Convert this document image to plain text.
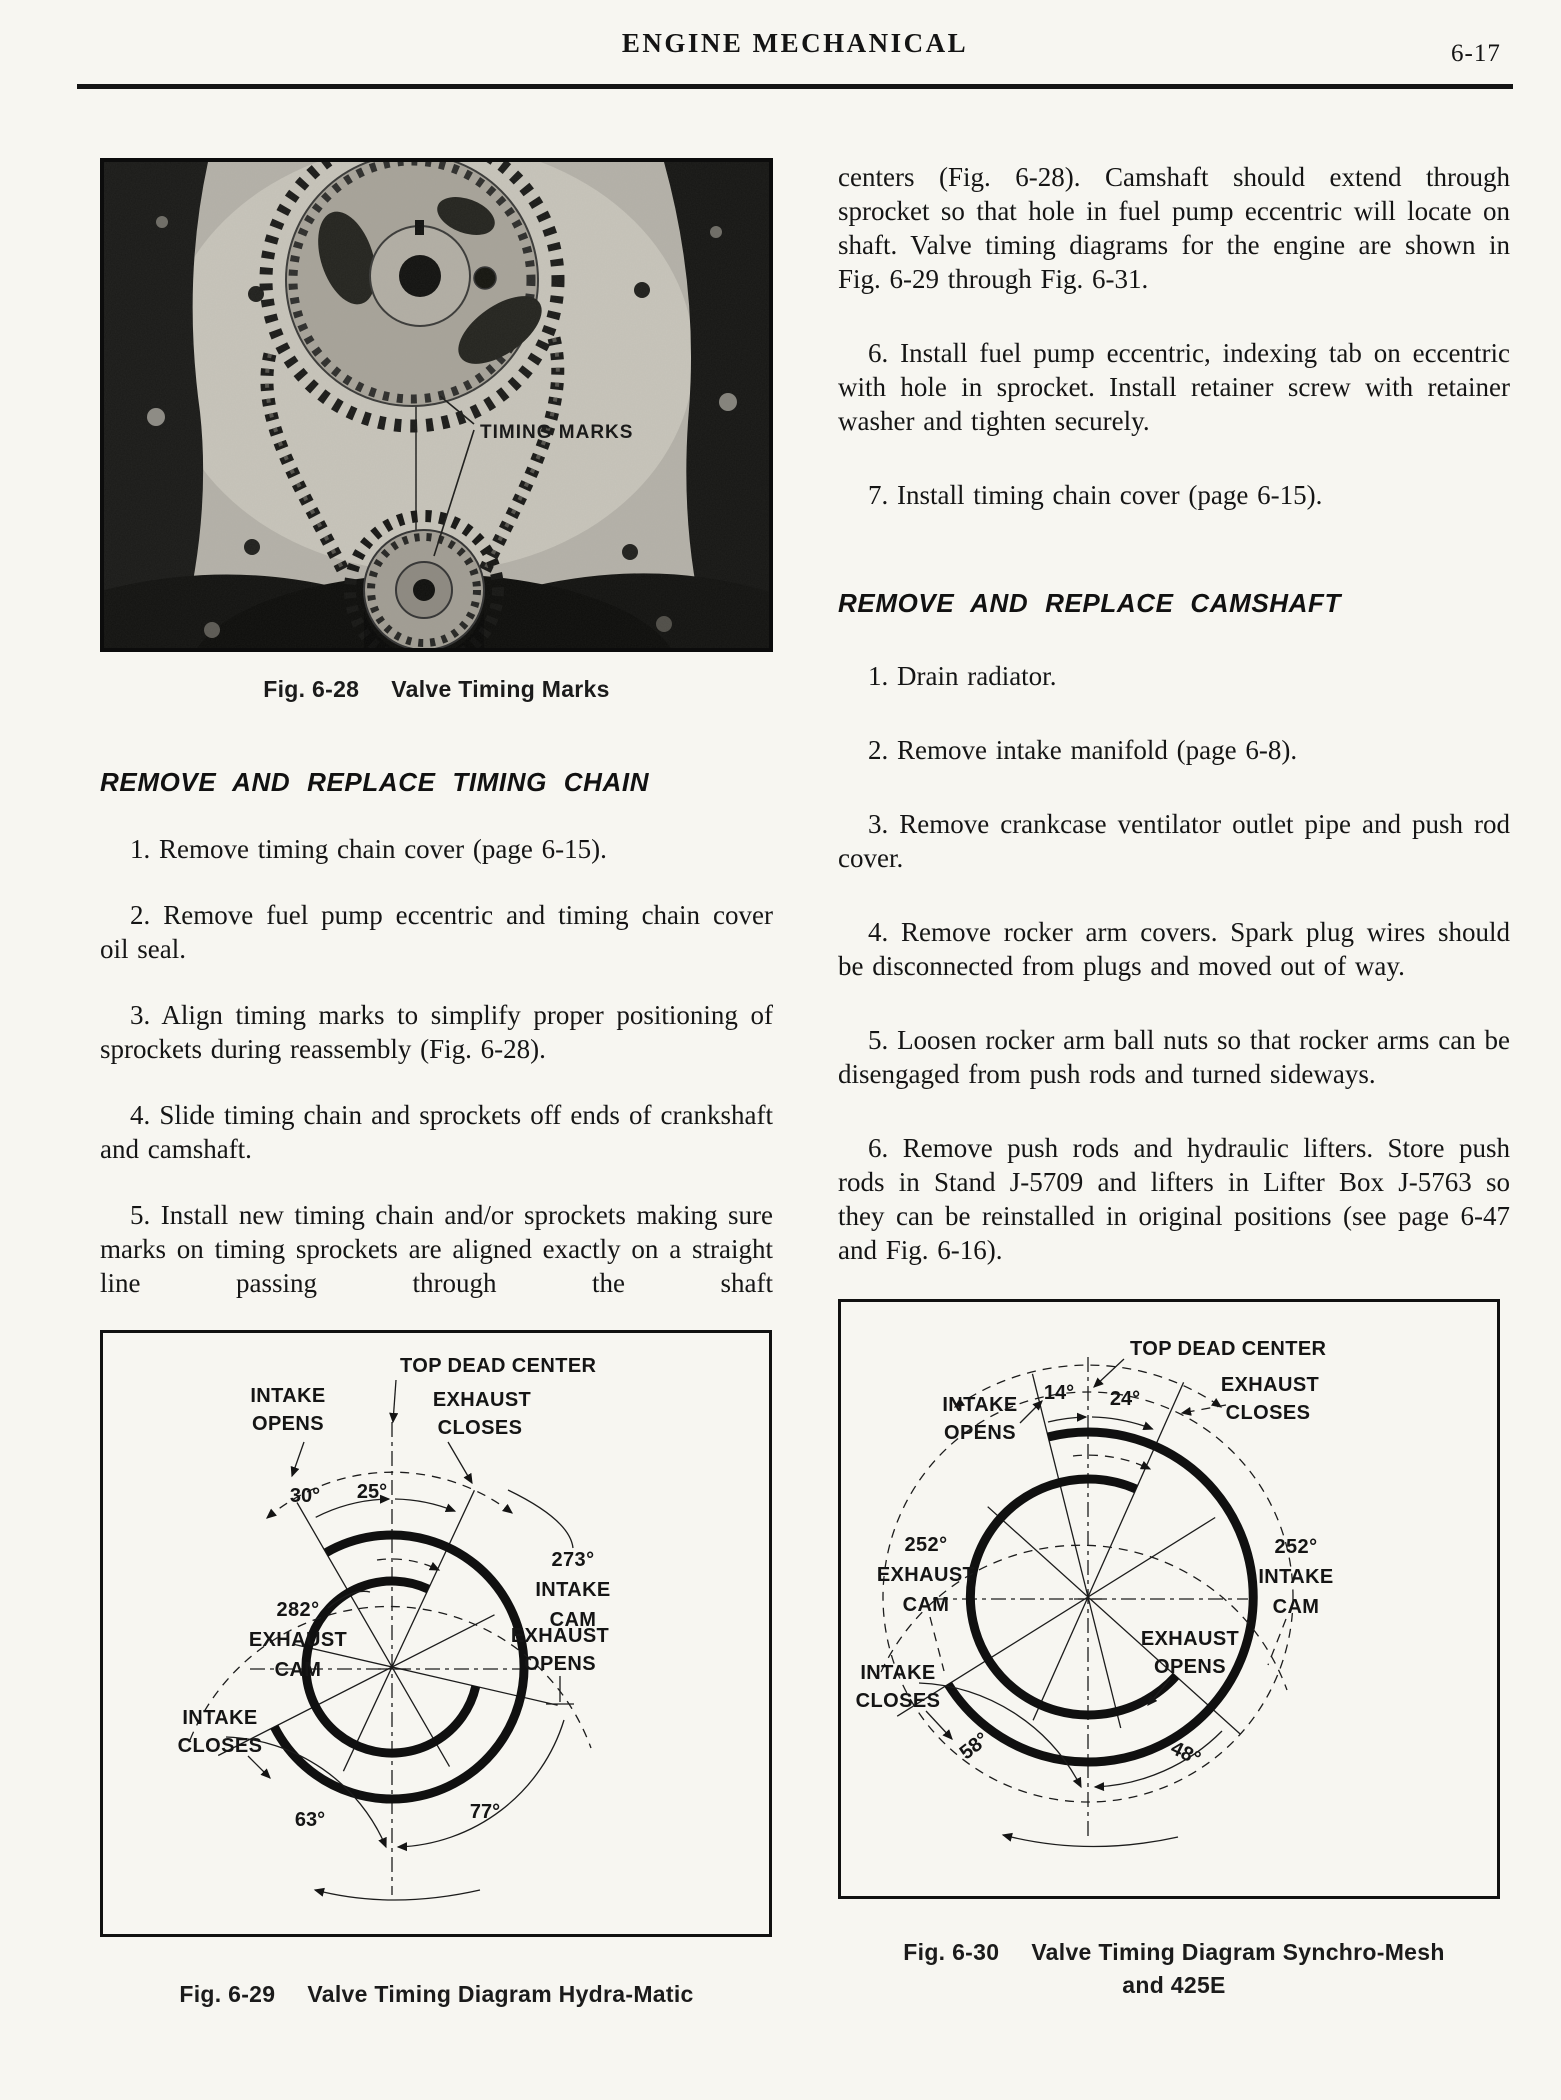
ENGINE MECHANICAL	6-17
TIMING MARKS
Fig. 6-28 Valve Timing Marks
REMOVE AND REPLACE TIMING CHAIN

1. Remove timing chain cover (page 6-15).

2. Remove fuel pump eccentric and timing chain cover oil seal.

3. Align timing marks to simplify proper positioning of sprockets during reassembly (Fig. 6-28).

4. Slide timing chain and sprockets off ends of crankshaft and camshaft.

5. Install new timing chain and/or sprockets making sure marks on timing sprockets are aligned exactly on a straight line passing through the shaft

TOP DEAD CENTER
INTAKE
OPENS
EXHAUST
CLOSES
30° 25°
273°
INTAKE
CAM
282°
EXHAUST
CAM
EXHAUST
OPENS
INTAKE
CLOSES
63°	77°
Fig. 6-29 Valve Timing Diagram Hydra-Matic

centers (Fig. 6-28). Camshaft should extend through sprocket so that hole in fuel pump eccentric will locate on shaft. Valve timing diagrams for the engine are shown in Fig. 6-29 through Fig. 6-31.

6. Install fuel pump eccentric, indexing tab on eccentric with hole in sprocket. Install retainer screw with retainer washer and tighten securely.

7. Install timing chain cover (page 6-15).

REMOVE AND REPLACE CAMSHAFT

1. Drain radiator.

2. Remove intake manifold (page 6-8).

3. Remove crankcase ventilator outlet pipe and push rod cover.

4. Remove rocker arm covers. Spark plug wires should be disconnected from plugs and moved out of way.

5. Loosen rocker arm ball nuts so that rocker arms can be disengaged from push rods and turned sideways.

6. Remove push rods and hydraulic lifters. Store push rods in Stand J-5709 and lifters in Lifter Box J-5763 so they can be reinstalled in original positions (see page 6-47 and Fig. 6-16).

TOP DEAD CENTER
14° 24°
INTAKE
OPENS
EXHAUST
CLOSES
252°
EXHAUST
CAM
252°
INTAKE
CAM
EXHAUST
OPENS
INTAKE
CLOSES
58°	48°
Fig. 6-30 Valve Timing Diagram Synchro-Mesh
and 425E
